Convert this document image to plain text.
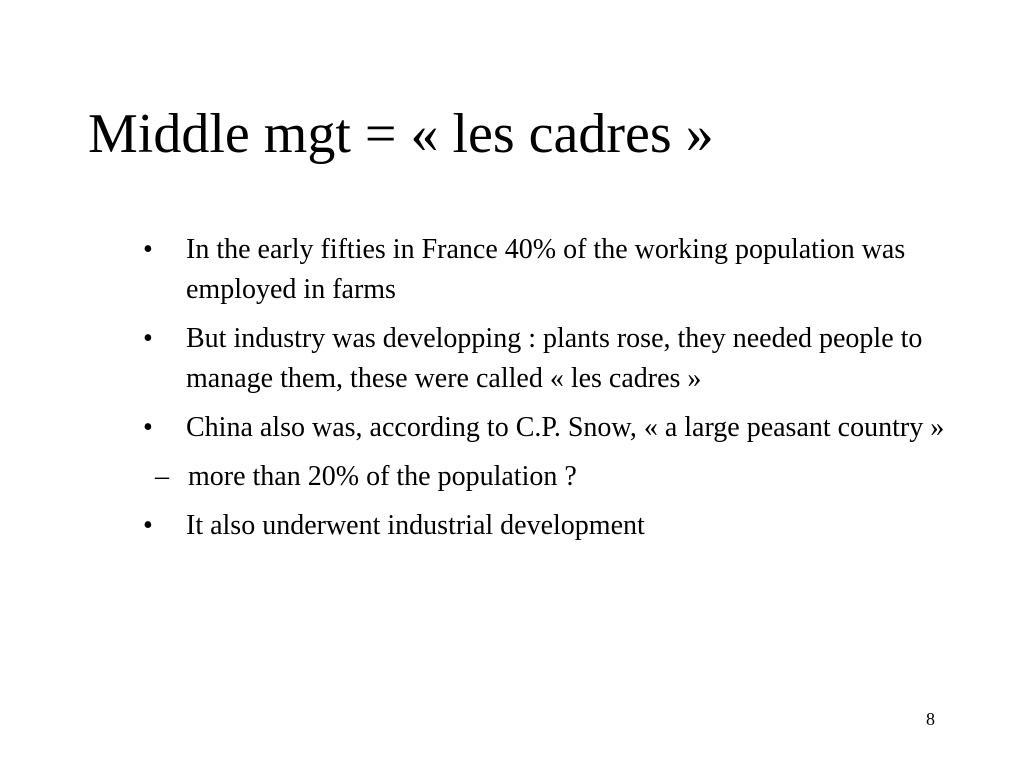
Middle mgt = « les cadres »
•	In the early fifties in France 40% of the working population was employed in farms
•	But industry was developping : plants rose, they needed people to manage them, these were called « les cadres »
•	China also was, according to C.P. Snow, « a large peasant country »
– more than 20% of the population ?
•	It also underwent industrial development
8
